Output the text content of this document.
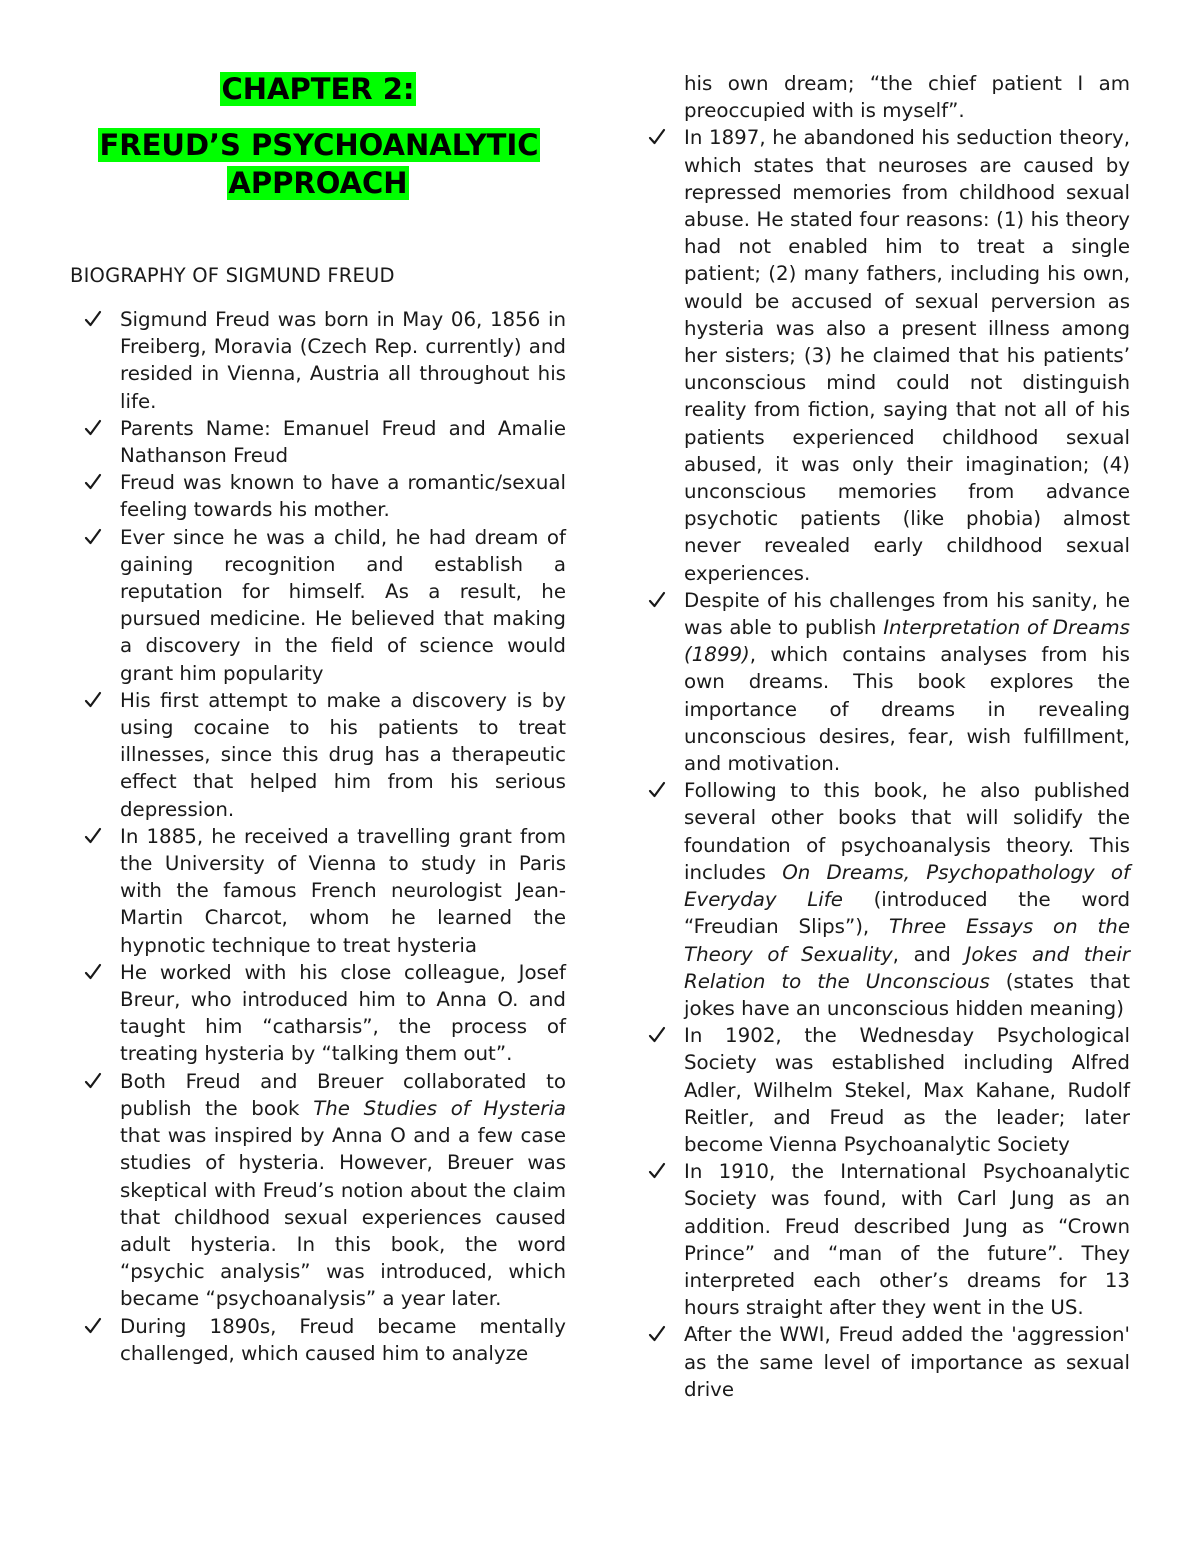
CHAPTER 2:
FREUD’S PSYCHOANALYTIC
APPROACH
BIOGRAPHY OF SIGMUND FREUD

Sigmund Freud was born in May 06, 1856 in Freiberg, Moravia (Czech Rep. currently) and resided in Vienna, Austria all throughout his life.

Parents Name: Emanuel Freud and Amalie Nathanson Freud

Freud was known to have a romantic/sexual feeling towards his mother.

Ever since he was a child, he had dream of gaining recognition and establish a reputation for himself. As a result, he pursued medicine. He believed that making a discovery in the field of science would grant him popularity

His first attempt to make a discovery is by using cocaine to his patients to treat illnesses, since this drug has a therapeutic effect that helped him from his serious depression.

In 1885, he received a travelling grant from the University of Vienna to study in Paris with the famous French neurologist Jean-Martin Charcot, whom he learned the hypnotic technique to treat hysteria

He worked with his close colleague, Josef Breur, who introduced him to Anna O. and taught him “catharsis”, the process of treating hysteria by “talking them out”.

Both Freud and Breuer collaborated to publish the book The Studies of Hysteria that was inspired by Anna O and a few case studies of hysteria. However, Breuer was skeptical with Freud’s notion about the claim that childhood sexual experiences caused adult hysteria. In this book, the word “psychic analysis” was introduced, which became “psychoanalysis” a year later.

During 1890s, Freud became mentally challenged, which caused him to analyze

his own dream; “the chief patient I am preoccupied with is myself”.

In 1897, he abandoned his seduction theory, which states that neuroses are caused by repressed memories from childhood sexual abuse. He stated four reasons: (1) his theory had not enabled him to treat a single patient; (2) many fathers, including his own, would be accused of sexual perversion as hysteria was also a present illness among her sisters; (3) he claimed that his patients’ unconscious mind could not distinguish reality from fiction, saying that not all of his patients experienced childhood sexual abused, it was only their imagination; (4) unconscious memories from advance psychotic patients (like phobia) almost never revealed early childhood sexual experiences.

Despite of his challenges from his sanity, he was able to publish Interpretation of Dreams (1899), which contains analyses from his own dreams. This book explores the importance of dreams in revealing unconscious desires, fear, wish fulfillment, and motivation.

Following to this book, he also published several other books that will solidify the foundation of psychoanalysis theory. This includes On Dreams, Psychopathology of Everyday Life (introduced the word “Freudian Slips”), Three Essays on the Theory of Sexuality, and Jokes and their Relation to the Unconscious (states that jokes have an unconscious hidden meaning)

In 1902, the Wednesday Psychological Society was established including Alfred Adler, Wilhelm Stekel, Max Kahane, Rudolf Reitler, and Freud as the leader; later become Vienna Psychoanalytic Society

In 1910, the International Psychoanalytic Society was found, with Carl Jung as an addition. Freud described Jung as “Crown Prince” and “man of the future”. They interpreted each other’s dreams for 13 hours straight after they went in the US.

After the WWI, Freud added the 'aggression' as the same level of importance as sexual drive
